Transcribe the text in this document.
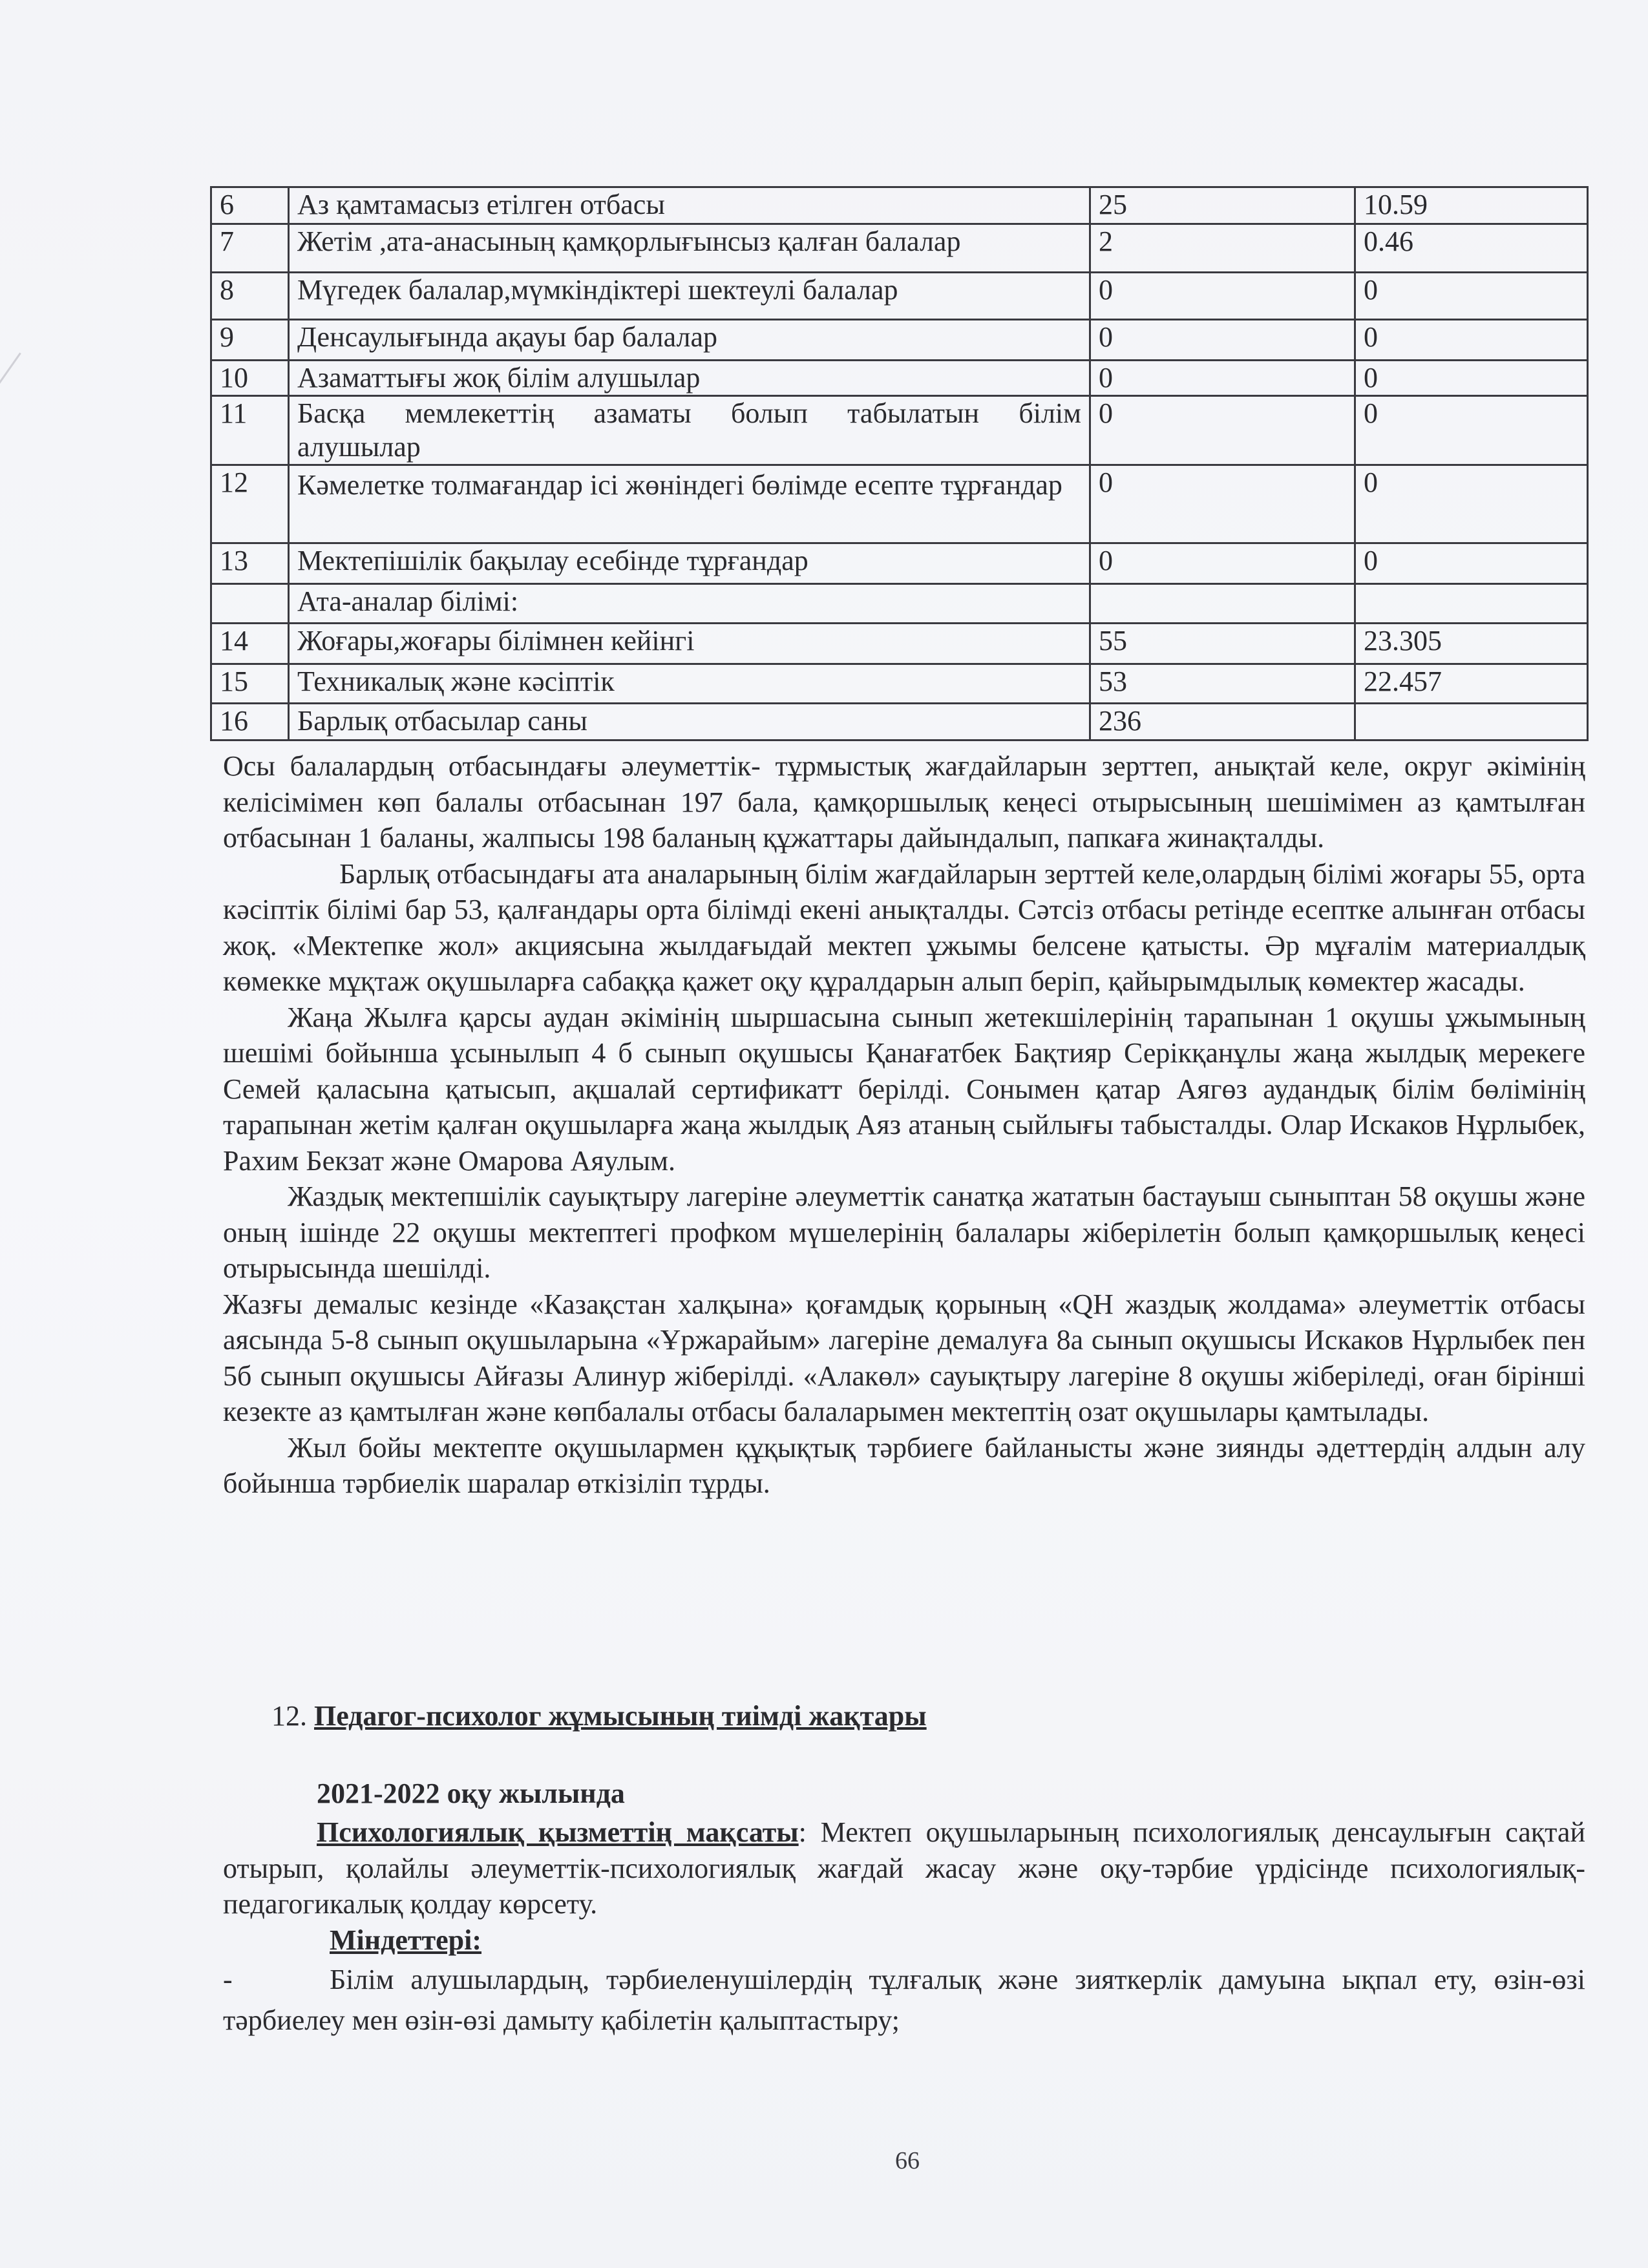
6	Аз қамтамасыз етілген отбасы	25	10.59
7	Жетім ,ата-анасының қамқорлығынсыз қалған балалар	2	0.46
8	Мүгедек балалар,мүмкіндіктері шектеулі балалар	0	0
9	Денсаулығында ақауы бар балалар	0	0
10	Азаматтығы жоқ білім алушылар	0	0
11	Басқа мемлекеттің азаматы болып табылатын білім алушылар	0	0
12	Кәмелетке толмағандар ісі жөніндегі бөлімде есепте тұрғандар	0	0
13	Мектепішілік бақылау есебінде тұрғандар	0	0
	Ата-аналар білімі:		
14	Жоғары,жоғары білімнен кейінгі	55	23.305
15	Техникалық және кәсіптік	53	22.457
16	Барлық отбасылар саны	236	

Осы балалардың отбасындағы әлеуметтік- тұрмыстық жағдайларын зерттеп, анықтай келе, округ әкімінің келісімімен көп балалы отбасынан 197 бала, қамқоршылық кеңесі отырысының шешімімен аз қамтылған отбасынан 1 баланы, жалпысы 198 баланың құжаттары дайындалып, папкаға жинақталды.

Барлық отбасындағы ата аналарының білім жағдайларын зерттей келе,олардың білімі жоғары 55, орта кәсіптік білімі бар 53, қалғандары орта білімді екені анықталды. Сәтсіз отбасы ретінде есептке алынған отбасы жоқ. «Мектепке жол» акциясына жылдағыдай мектеп ұжымы белсене қатысты. Әр мұғалім материалдық көмекке мұқтаж оқушыларға сабаққа қажет оқу құралдарын алып беріп, қайырымдылық көмектер жасады.

Жаңа Жылға қарсы аудан әкімінің шыршасына сынып жетекшілерінің тарапынан 1 оқушы ұжымының шешімі бойынша ұсынылып 4 б сынып оқушысы Қанағатбек Бақтияр Серікқанұлы жаңа жылдық мерекеге Семей қаласына қатысып, ақшалай сертификатт берілді. Сонымен қатар Аягөз аудандық білім бөлімінің тарапынан жетім қалған оқушыларға жаңа жылдық Аяз атаның сыйлығы табысталды. Олар Искаков Нұрлыбек, Рахим Бекзат және Омарова Аяулым.

Жаздық мектепшілік сауықтыру лагеріне әлеуметтік санатқа жататын бастауыш сыныптан 58 оқушы және оның ішінде 22 оқушы мектептегі профком мүшелерінің балалары жіберілетін болып қамқоршылық кеңесі отырысында шешілді.

Жазғы демалыс кезінде «Казақстан халқына» қоғамдық қорының «QН жаздық жолдама» әлеуметтік отбасы аясында 5-8 сынып оқушыларына «Ұржарайым» лагеріне демалуға 8а сынып оқушысы Искаков Нұрлыбек пен 5б сынып оқушысы Айғазы Алинур жіберілді. «Алакөл» сауықтыру лагеріне 8 оқушы жіберіледі, оған бірінші кезекте аз қамтылған және көпбалалы отбасы балаларымен мектептің озат оқушылары қамтылады.

Жыл бойы мектепте оқушылармен құқықтық тәрбиеге байланысты және зиянды әдеттердің алдын алу бойынша тәрбиелік шаралар өткізіліп тұрды.

12. Педагог-психолог жұмысының тиімді жақтары
2021-2022 оқу жылында
Психологиялық қызметтің мақсаты: Мектеп оқушыларының психологиялық денсаулығын сақтай отырып, қолайлы әлеуметтік-психологиялық жағдай жасау және оқу-тәрбие үрдісінде психологиялық-педагогикалық қолдау көрсету.
Міндеттері:
-	Білім алушылардың, тәрбиеленушілердің тұлғалық және зияткерлік дамуына ықпал ету, өзін-өзі тәрбиелеу мен өзін-өзі дамыту қабілетін қалыптастыру;
66
